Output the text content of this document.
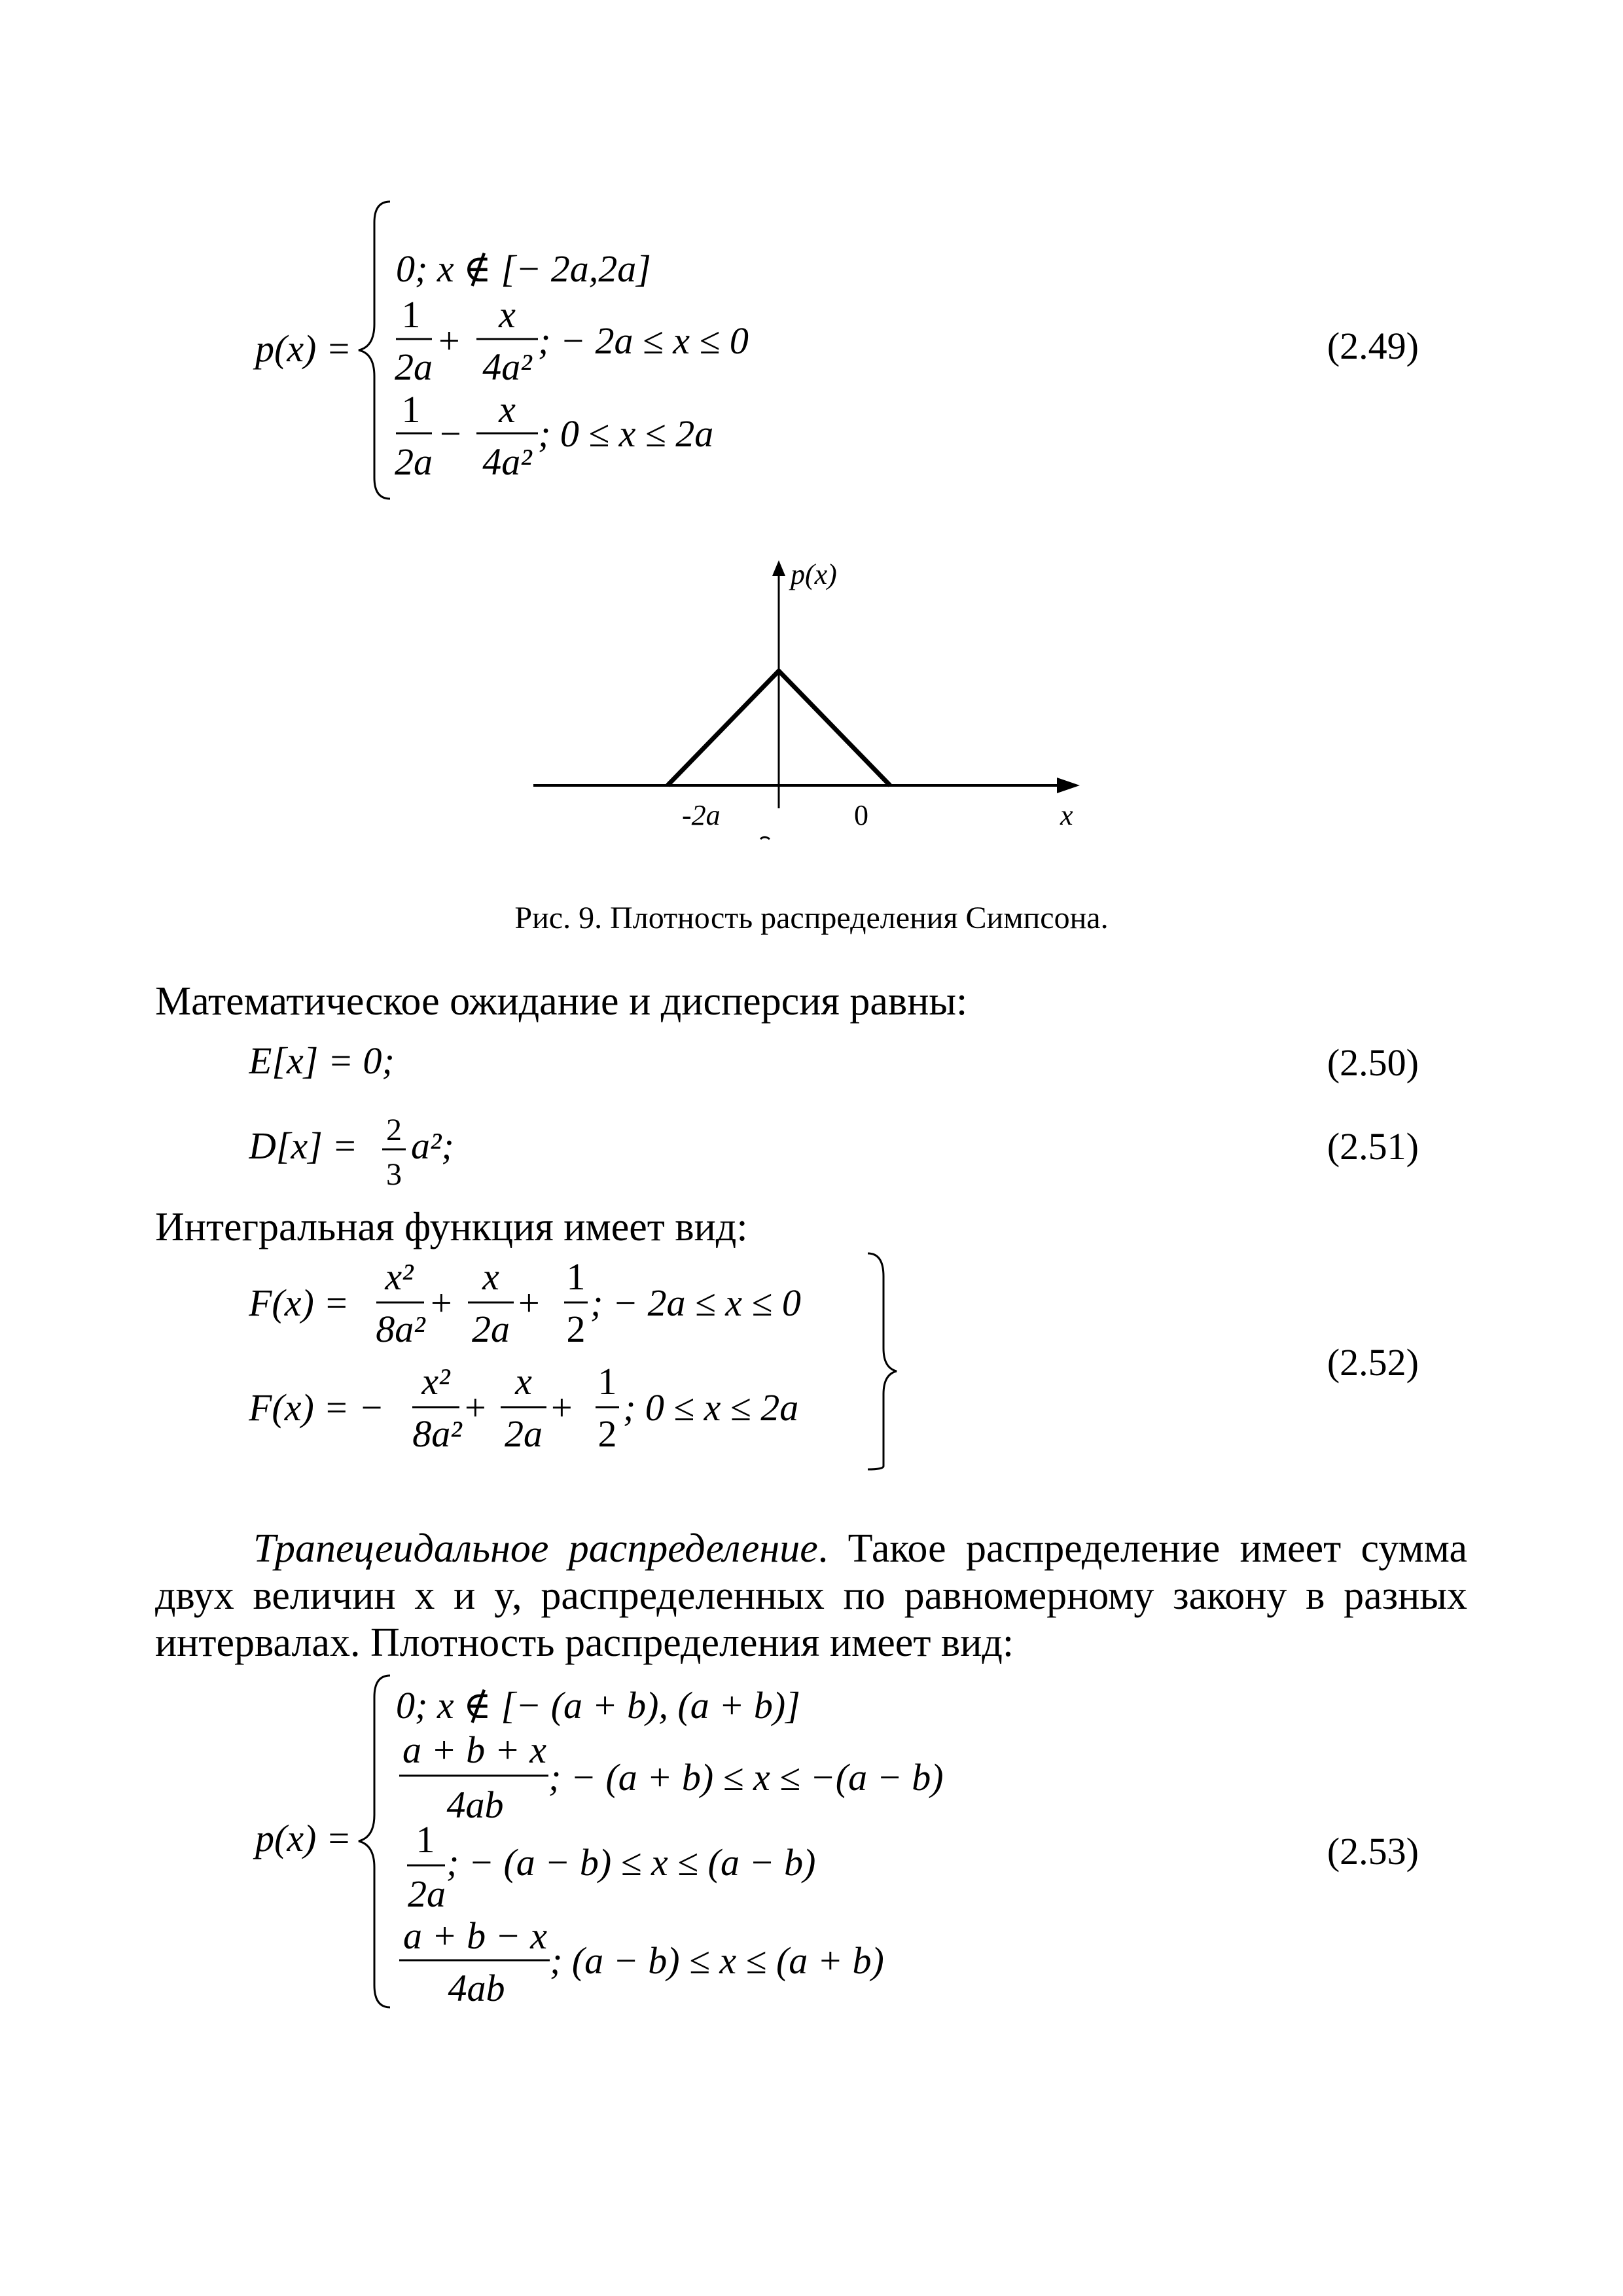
p(x) =
0; x ∉ [− 2a,2a]
1
2a
+
x
4a²
; − 2a ≤ x ≤ 0
1
2a
−
x
4a²
; 0 ≤ x ≤ 2a
(2.49)
p(x)
x
-2a	0
Рис. 9. Плотность распределения Симпсона.
Математическое ожидание и дисперсия равны:
E[x] = 0;	(2.50)
D[x] = 2
3
a²;	(2.51)
Интегральная функция имеет вид:
F(x) =
x²
8a²
+
x
2a
+
1
2
; − 2a ≤ x ≤ 0
F(x) = −
x²
8a²
+
x
2a
+
1
2
; 0 ≤ x ≤ 2a
(2.52)
Трапецеидальное распределение. Такое распределение имеет сумма
двух величин x и y, распределенных по равномерному закону в разных
интервалах. Плотность распределения имеет вид:
p(x) =
0; x ∉ [− (a + b), (a + b)]
a + b + x
4ab
; − (a + b) ≤ x ≤ −(a − b)
1
2a
; − (a − b) ≤ x ≤ (a − b)
a + b − x
4ab
; (a − b) ≤ x ≤ (a + b)
(2.53)
